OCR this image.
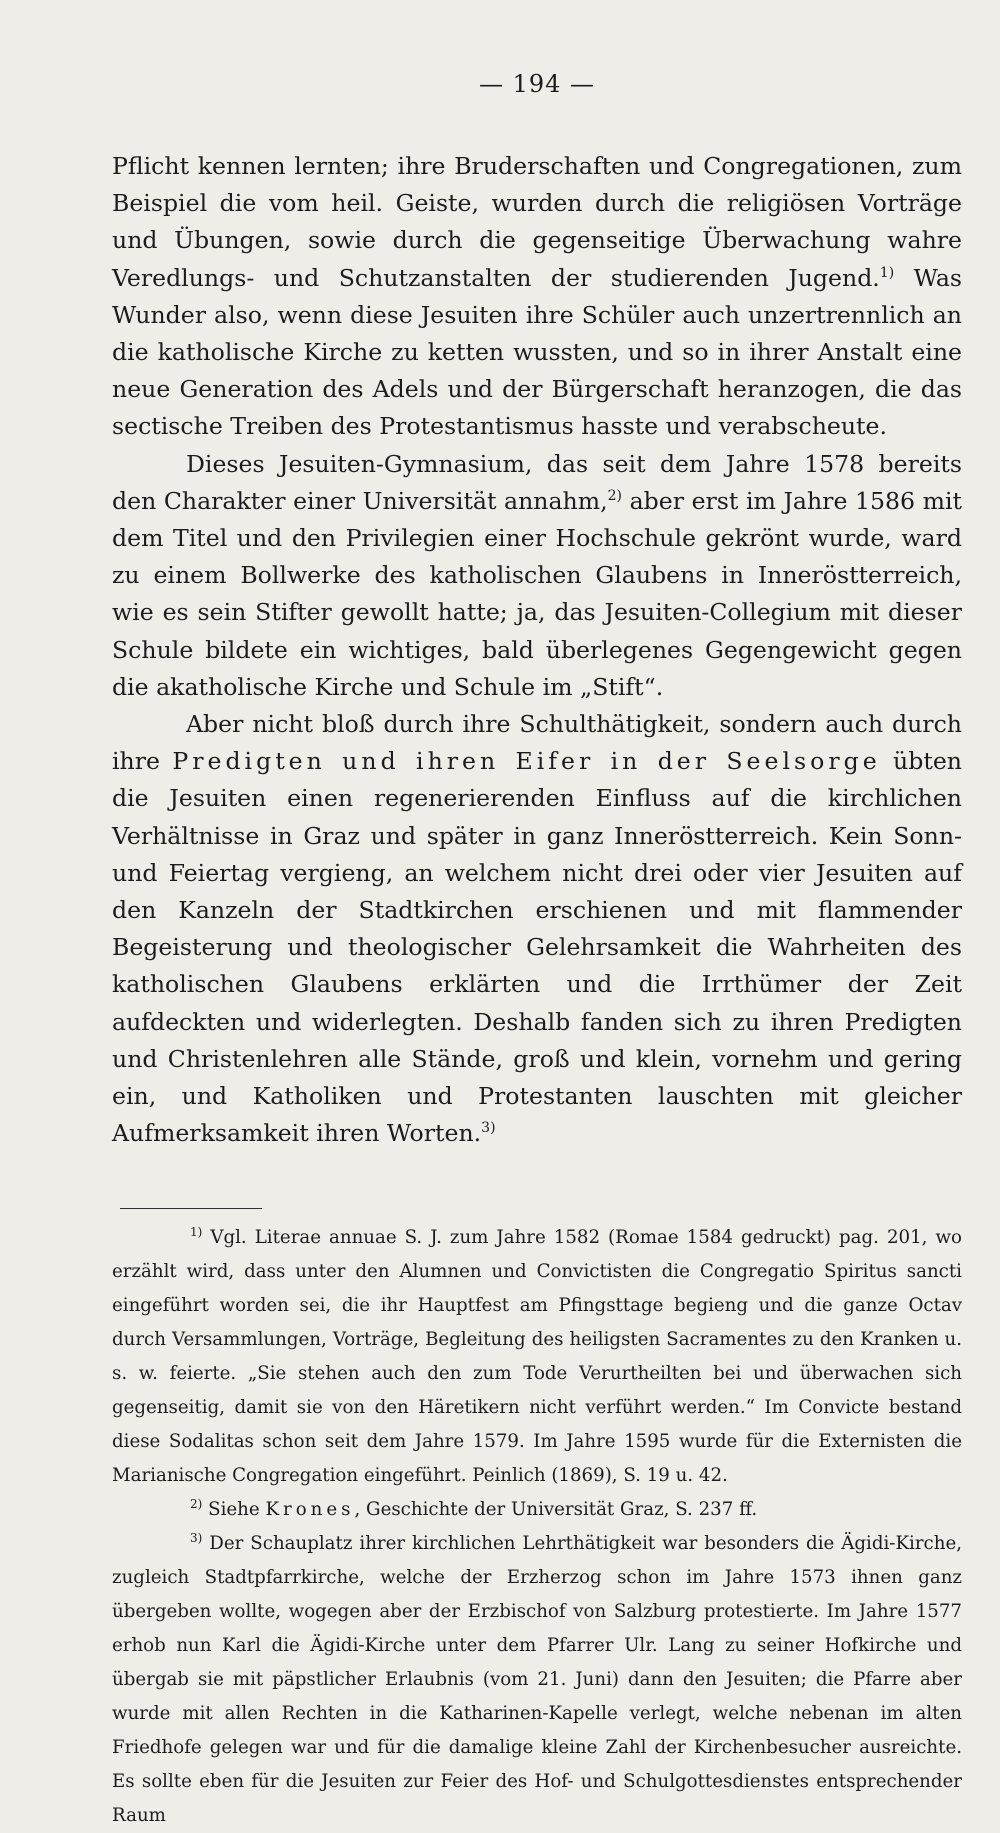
— 194 —

Pflicht kennen lernten; ihre Bruderschaften und Congregationen, zum Beispiel die vom heil. Geiste, wurden durch die religiösen Vorträge und Übungen, sowie durch die gegenseitige Überwachung wahre Veredlungs- und Schutzanstalten der studierenden Jugend.$^{1)}$ Was Wunder also, wenn diese Jesuiten ihre Schüler auch unzertrennlich an die katholische Kirche zu ketten wussten, und so in ihrer Anstalt eine neue Generation des Adels und der Bürgerschaft heranzogen, die das sectische Treiben des Protestantismus hasste und verabscheute.

Dieses Jesuiten-Gymnasium, das seit dem Jahre 1578 bereits den Charakter einer Universität annahm,$^{2)}$ aber erst im Jahre 1586 mit dem Titel und den Privilegien einer Hochschule gekrönt wurde, ward zu einem Bollwerke des katholischen Glaubens in Inneröstterreich, wie es sein Stifter gewollt hatte; ja, das Jesuiten-Collegium mit dieser Schule bildete ein wichtiges, bald überlegenes Gegengewicht gegen die akatholische Kirche und Schule im „Stift“.

Aber nicht bloß durch ihre Schulthätigkeit, sondern auch durch ihre Predigten und ihren Eifer in der Seelsorge übten die Jesuiten einen regenerierenden Einfluss auf die kirchlichen Verhältnisse in Graz und später in ganz Inneröstterreich. Kein Sonn- und Feiertag vergieng, an welchem nicht drei oder vier Jesuiten auf den Kanzeln der Stadtkirchen erschienen und mit flammender Begeisterung und theologischer Gelehrsamkeit die Wahrheiten des katholischen Glaubens erklärten und die Irrthümer der Zeit aufdeckten und widerlegten. Deshalb fanden sich zu ihren Predigten und Christenlehren alle Stände, groß und klein, vornehm und gering ein, und Katholiken und Protestanten lauschten mit gleicher Aufmerksamkeit ihren Worten.$^{3)}$

$^{1)}$ Vgl. Literae annuae S. J. zum Jahre 1582 (Romae 1584 gedruckt) pag. 201, wo erzählt wird, dass unter den Alumnen und Convictisten die Congregatio Spiritus sancti eingeführt worden sei, die ihr Hauptfest am Pfingsttage begieng und die ganze Octav durch Versammlungen, Vorträge, Begleitung des heiligsten Sacramentes zu den Kranken u. s. w. feierte. „Sie stehen auch den zum Tode Verurtheilten bei und überwachen sich gegenseitig, damit sie von den Häretikern nicht verführt werden.“ Im Convicte bestand diese Sodalitas schon seit dem Jahre 1579. Im Jahre 1595 wurde für die Externisten die Marianische Congregation eingeführt. Peinlich (1869), S. 19 u. 42.

$^{2)}$ Siehe Krones, Geschichte der Universität Graz, S. 237 ff.

$^{3)}$ Der Schauplatz ihrer kirchlichen Lehrthätigkeit war besonders die Ägidi-Kirche, zugleich Stadtpfarrkirche, welche der Erzherzog schon im Jahre 1573 ihnen ganz übergeben wollte, wogegen aber der Erzbischof von Salzburg protestierte. Im Jahre 1577 erhob nun Karl die Ägidi-Kirche unter dem Pfarrer Ulr. Lang zu seiner Hofkirche und übergab sie mit päpstlicher Erlaubnis (vom 21. Juni) dann den Jesuiten; die Pfarre aber wurde mit allen Rechten in die Katharinen-Kapelle verlegt, welche nebenan im alten Friedhofe gelegen war und für die damalige kleine Zahl der Kirchenbesucher ausreichte. Es sollte eben für die Jesuiten zur Feier des Hof- und Schulgottesdienstes entsprechender Raum
